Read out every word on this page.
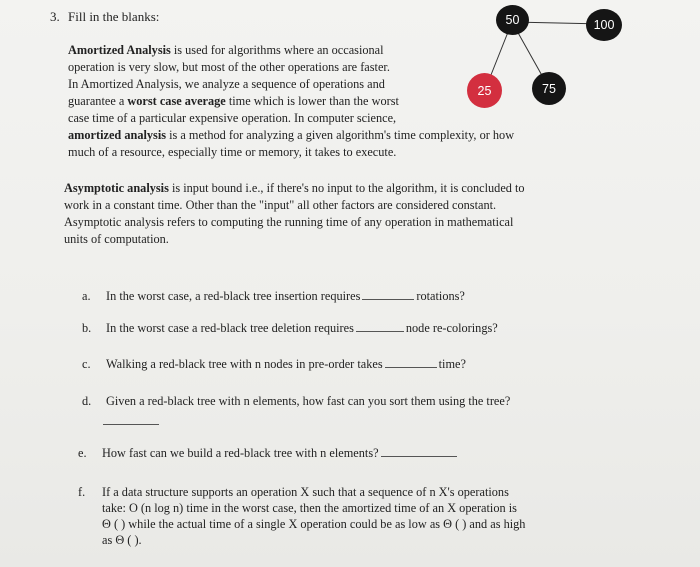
3. Fill in the blanks:
Amortized Analysis is used for algorithms where an occasional
operation is very slow, but most of the other operations are faster.
In Amortized Analysis, we analyze a sequence of operations and
guarantee a worst case average time which is lower than the worst
case time of a particular expensive operation. In computer science,
amortized analysis is a method for analyzing a given algorithm's time complexity, or how
much of a resource, especially time or memory, it takes to execute.
50	100
25	75
Asymptotic analysis is input bound i.e., if there's no input to the algorithm, it is concluded to
work in a constant time. Other than the "input" all other factors are considered constant.
Asymptotic analysis refers to computing the running time of any operation in mathematical
units of computation.
a. In the worst case, a red-black tree insertion requires	rotations?
b. In the worst case a red-black tree deletion requires	node re-colorings?
c. Walking a red-black tree with n nodes in pre-order takes	time?
d. Given a red-black tree with n elements, how fast can you sort them using the tree?
e. How fast can we build a red-black tree with n elements?
f. If a data structure supports an operation X such that a sequence of n X's operations
take: O (n log n) time in the worst case, then the amortized time of an X operation is
Θ ( ) while the actual time of a single X operation could be as low as Θ ( ) and as high
as Θ ( ).
